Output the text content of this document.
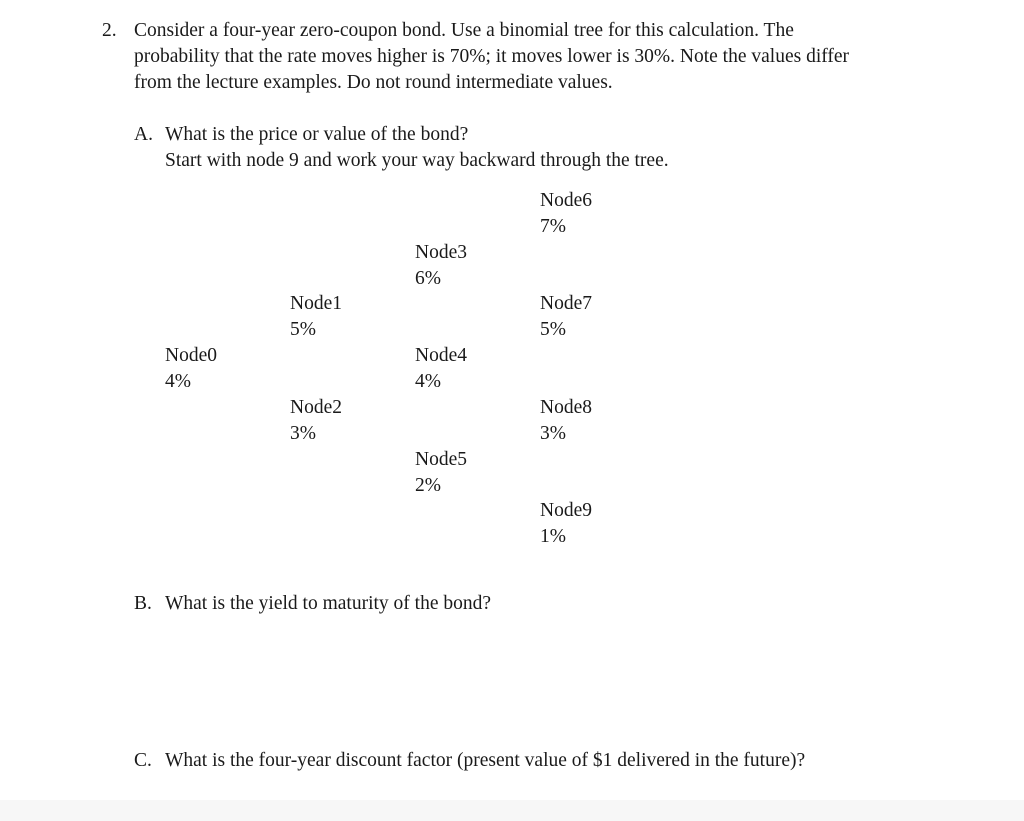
2. Consider a four-year zero-coupon bond. Use a binomial tree for this calculation. The
probability that the rate moves higher is 70%; it moves lower is 30%. Note the values differ
from the lecture examples. Do not round intermediate values.

A. What is the price or value of the bond?
Start with node 9 and work your way backward through the tree.
Node0
4%
Node1
5%
Node2
3%
Node3
6%
Node4
4%
Node5
2%
Node6
7%
Node7
5%
Node8
3%
Node9
1%
B. What is the yield to maturity of the bond?
C. What is the four-year discount factor (present value of $1 delivered in the future)?
